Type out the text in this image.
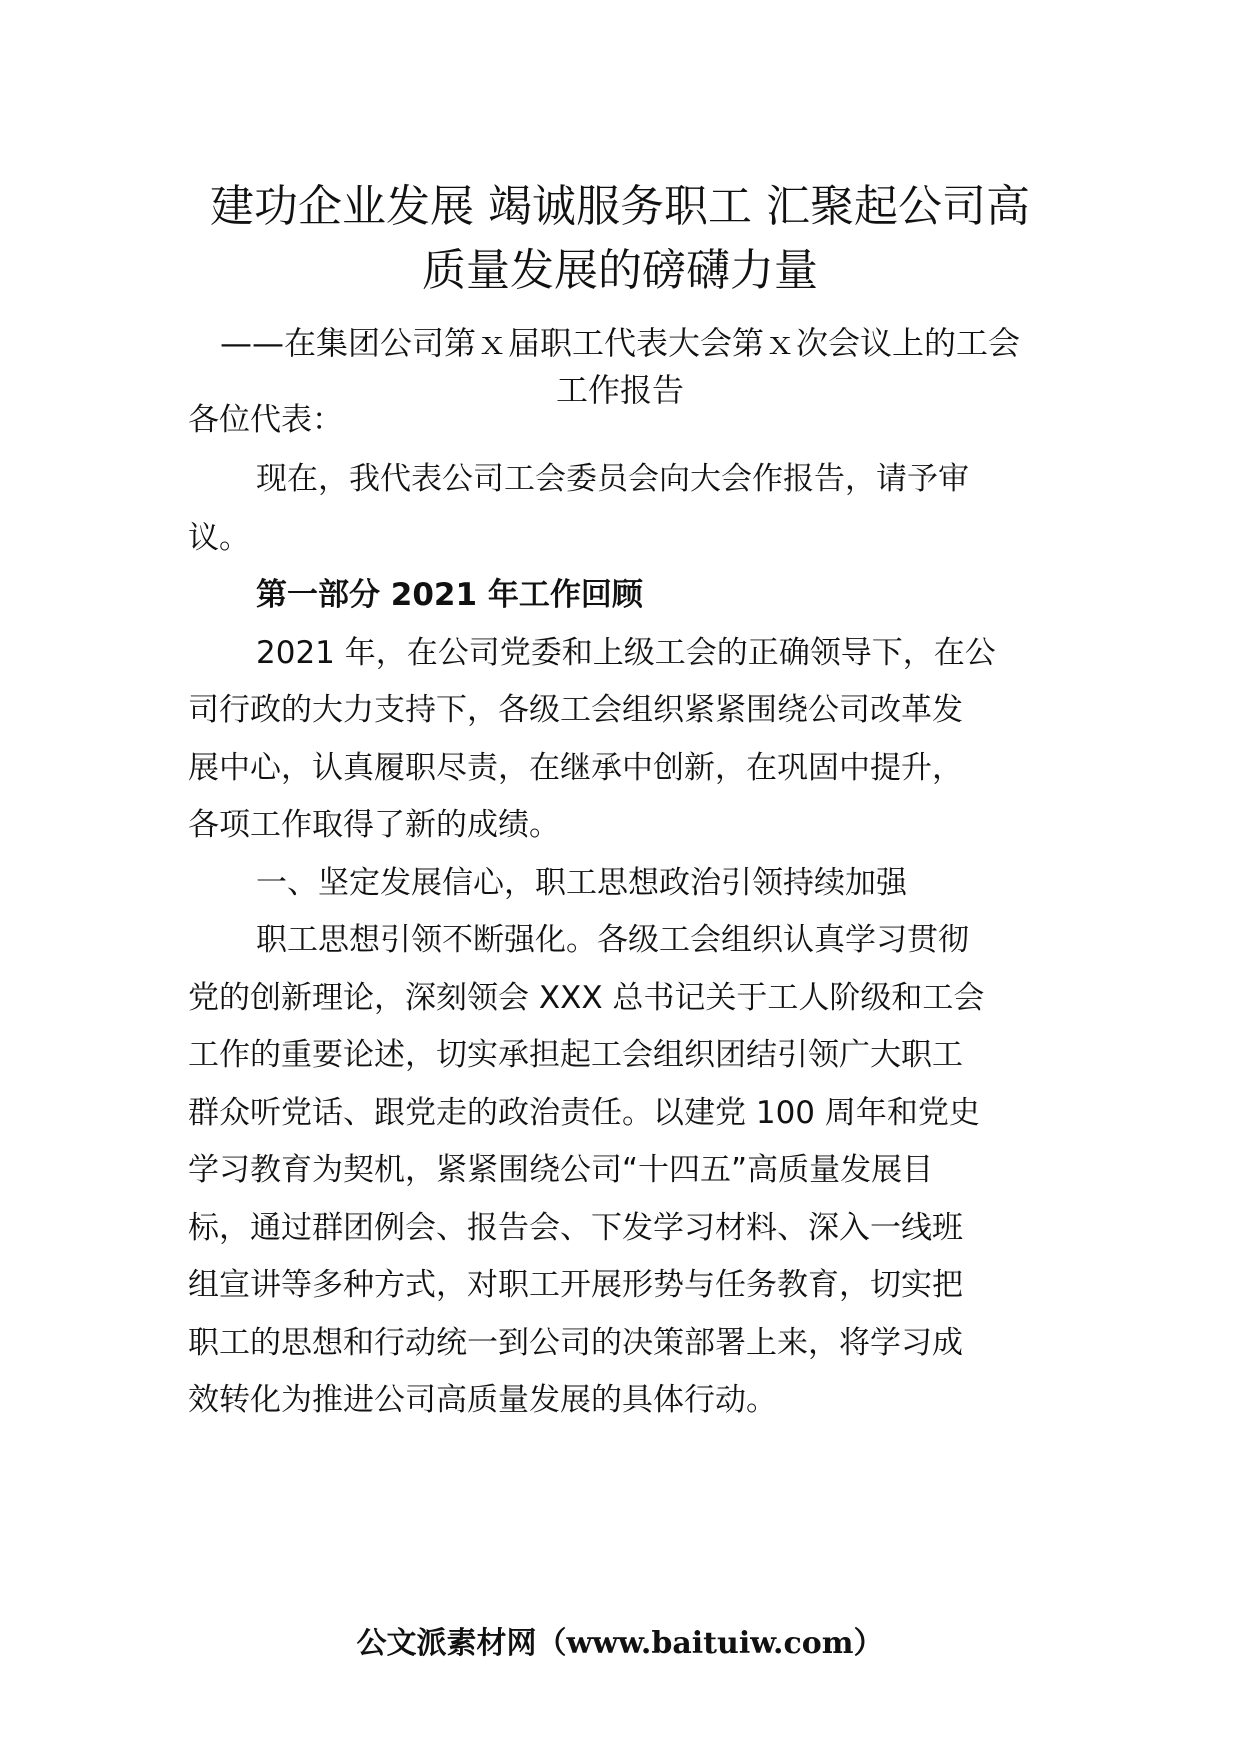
建功企业发展 竭诚服务职工 汇聚起公司高
质量发展的磅礴力量
——在集团公司第ｘ届职工代表大会第ｘ次会议上的工会
工作报告
各位代表：
现在，我代表公司工会委员会向大会作报告，请予审
议。
第一部分 2021 年工作回顾
2021 年，在公司党委和上级工会的正确领导下，在公
司行政的大力支持下，各级工会组织紧紧围绕公司改革发
展中心，认真履职尽责，在继承中创新，在巩固中提升，
各项工作取得了新的成绩。
一、坚定发展信心，职工思想政治引领持续加强
职工思想引领不断强化。各级工会组织认真学习贯彻
党的创新理论，深刻领会 XXX 总书记关于工人阶级和工会
工作的重要论述，切实承担起工会组织团结引领广大职工
群众听党话、跟党走的政治责任。以建党 100 周年和党史
学习教育为契机，紧紧围绕公司“十四五”高质量发展目
标，通过群团例会、报告会、下发学习材料、深入一线班
组宣讲等多种方式，对职工开展形势与任务教育，切实把
职工的思想和行动统一到公司的决策部署上来，将学习成
效转化为推进公司高质量发展的具体行动。
公文派素材网（www.baituiw.com）
